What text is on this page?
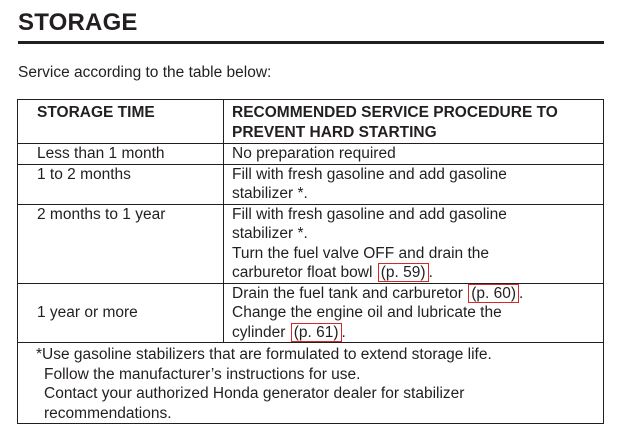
STORAGE
Service according to the table below:
STORAGE TIME	RECOMMENDED SERVICE PROCEDURE TO
PREVENT HARD STARTING

Less than 1 month	No preparation required

1 to 2 months	Fill with fresh gasoline and add gasoline
stabilizer *.

2 months to 1 year	Fill with fresh gasoline and add gasoline
stabilizer *.
Turn the fuel valve OFF and drain the
carburetor float bowl (p. 59) .

1 year or more	Drain the fuel tank and carburetor (p. 60) .
Change the engine oil and lubricate the
cylinder (p. 61) .

*Use gasoline stabilizers that are formulated to extend storage life.
Follow the manufacturer’s instructions for use.
Contact your authorized Honda generator dealer for stabilizer
recommendations.	
